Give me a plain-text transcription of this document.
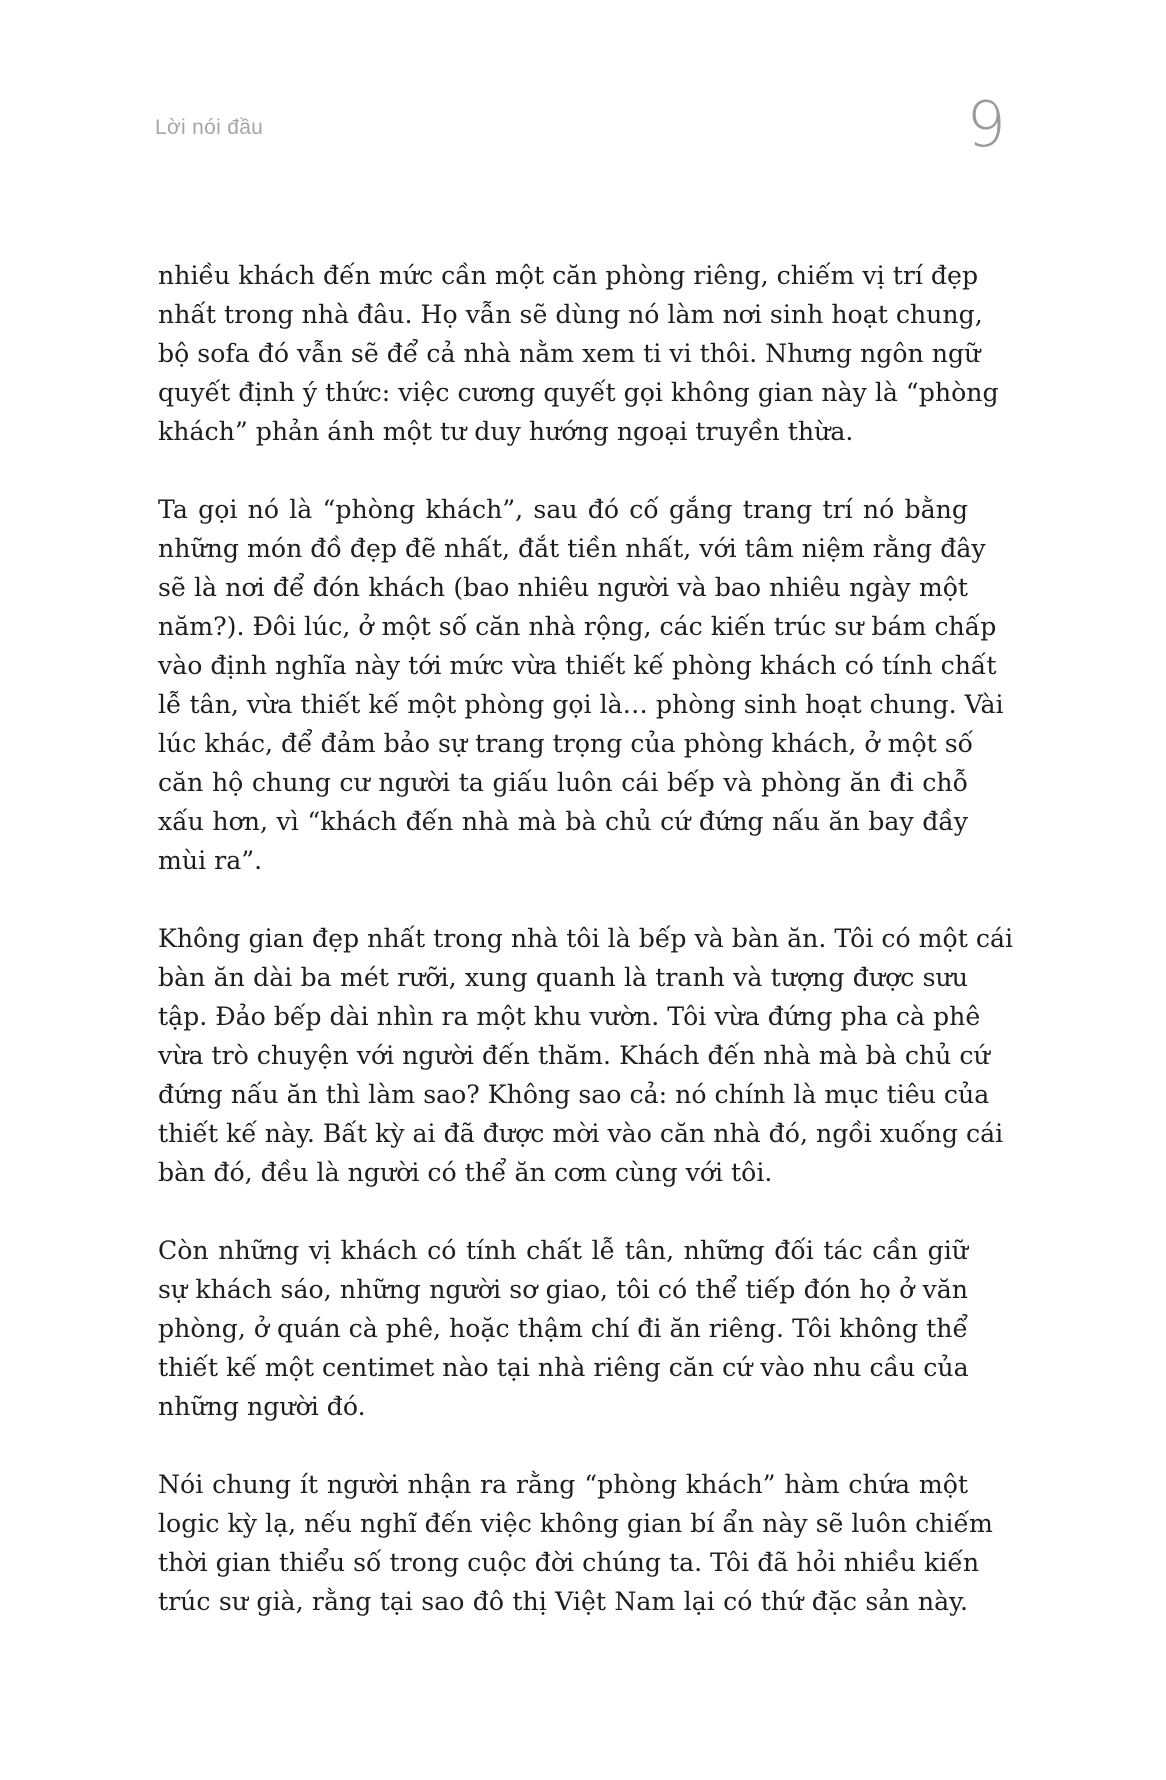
Lời nói đầu	9

nhiều khách đến mức cần một căn phòng riêng, chiếm vị trí đẹp
nhất trong nhà đâu. Họ vẫn sẽ dùng nó làm nơi sinh hoạt chung,
bộ sofa đó vẫn sẽ để cả nhà nằm xem ti vi thôi. Nhưng ngôn ngữ
quyết định ý thức: việc cương quyết gọi không gian này là “phòng
khách” phản ánh một tư duy hướng ngoại truyền thừa.

Ta gọi nó là “phòng khách”, sau đó cố gắng trang trí nó bằng
những món đồ đẹp đẽ nhất, đắt tiền nhất, với tâm niệm rằng đây
sẽ là nơi để đón khách (bao nhiêu người và bao nhiêu ngày một
năm?). Đôi lúc, ở một số căn nhà rộng, các kiến trúc sư bám chấp
vào định nghĩa này tới mức vừa thiết kế phòng khách có tính chất
lễ tân, vừa thiết kế một phòng gọi là… phòng sinh hoạt chung. Vài
lúc khác, để đảm bảo sự trang trọng của phòng khách, ở một số
căn hộ chung cư người ta giấu luôn cái bếp và phòng ăn đi chỗ
xấu hơn, vì “khách đến nhà mà bà chủ cứ đứng nấu ăn bay đầy
mùi ra”.

Không gian đẹp nhất trong nhà tôi là bếp và bàn ăn. Tôi có một cái
bàn ăn dài ba mét rưỡi, xung quanh là tranh và tượng được sưu
tập. Đảo bếp dài nhìn ra một khu vườn. Tôi vừa đứng pha cà phê
vừa trò chuyện với người đến thăm. Khách đến nhà mà bà chủ cứ
đứng nấu ăn thì làm sao? Không sao cả: nó chính là mục tiêu của
thiết kế này. Bất kỳ ai đã được mời vào căn nhà đó, ngồi xuống cái
bàn đó, đều là người có thể ăn cơm cùng với tôi.

Còn những vị khách có tính chất lễ tân, những đối tác cần giữ
sự khách sáo, những người sơ giao, tôi có thể tiếp đón họ ở văn
phòng, ở quán cà phê, hoặc thậm chí đi ăn riêng. Tôi không thể
thiết kế một centimet nào tại nhà riêng căn cứ vào nhu cầu của
những người đó.

Nói chung ít người nhận ra rằng “phòng khách” hàm chứa một
logic kỳ lạ, nếu nghĩ đến việc không gian bí ẩn này sẽ luôn chiếm
thời gian thiểu số trong cuộc đời chúng ta. Tôi đã hỏi nhiều kiến
trúc sư già, rằng tại sao đô thị Việt Nam lại có thứ đặc sản này.
